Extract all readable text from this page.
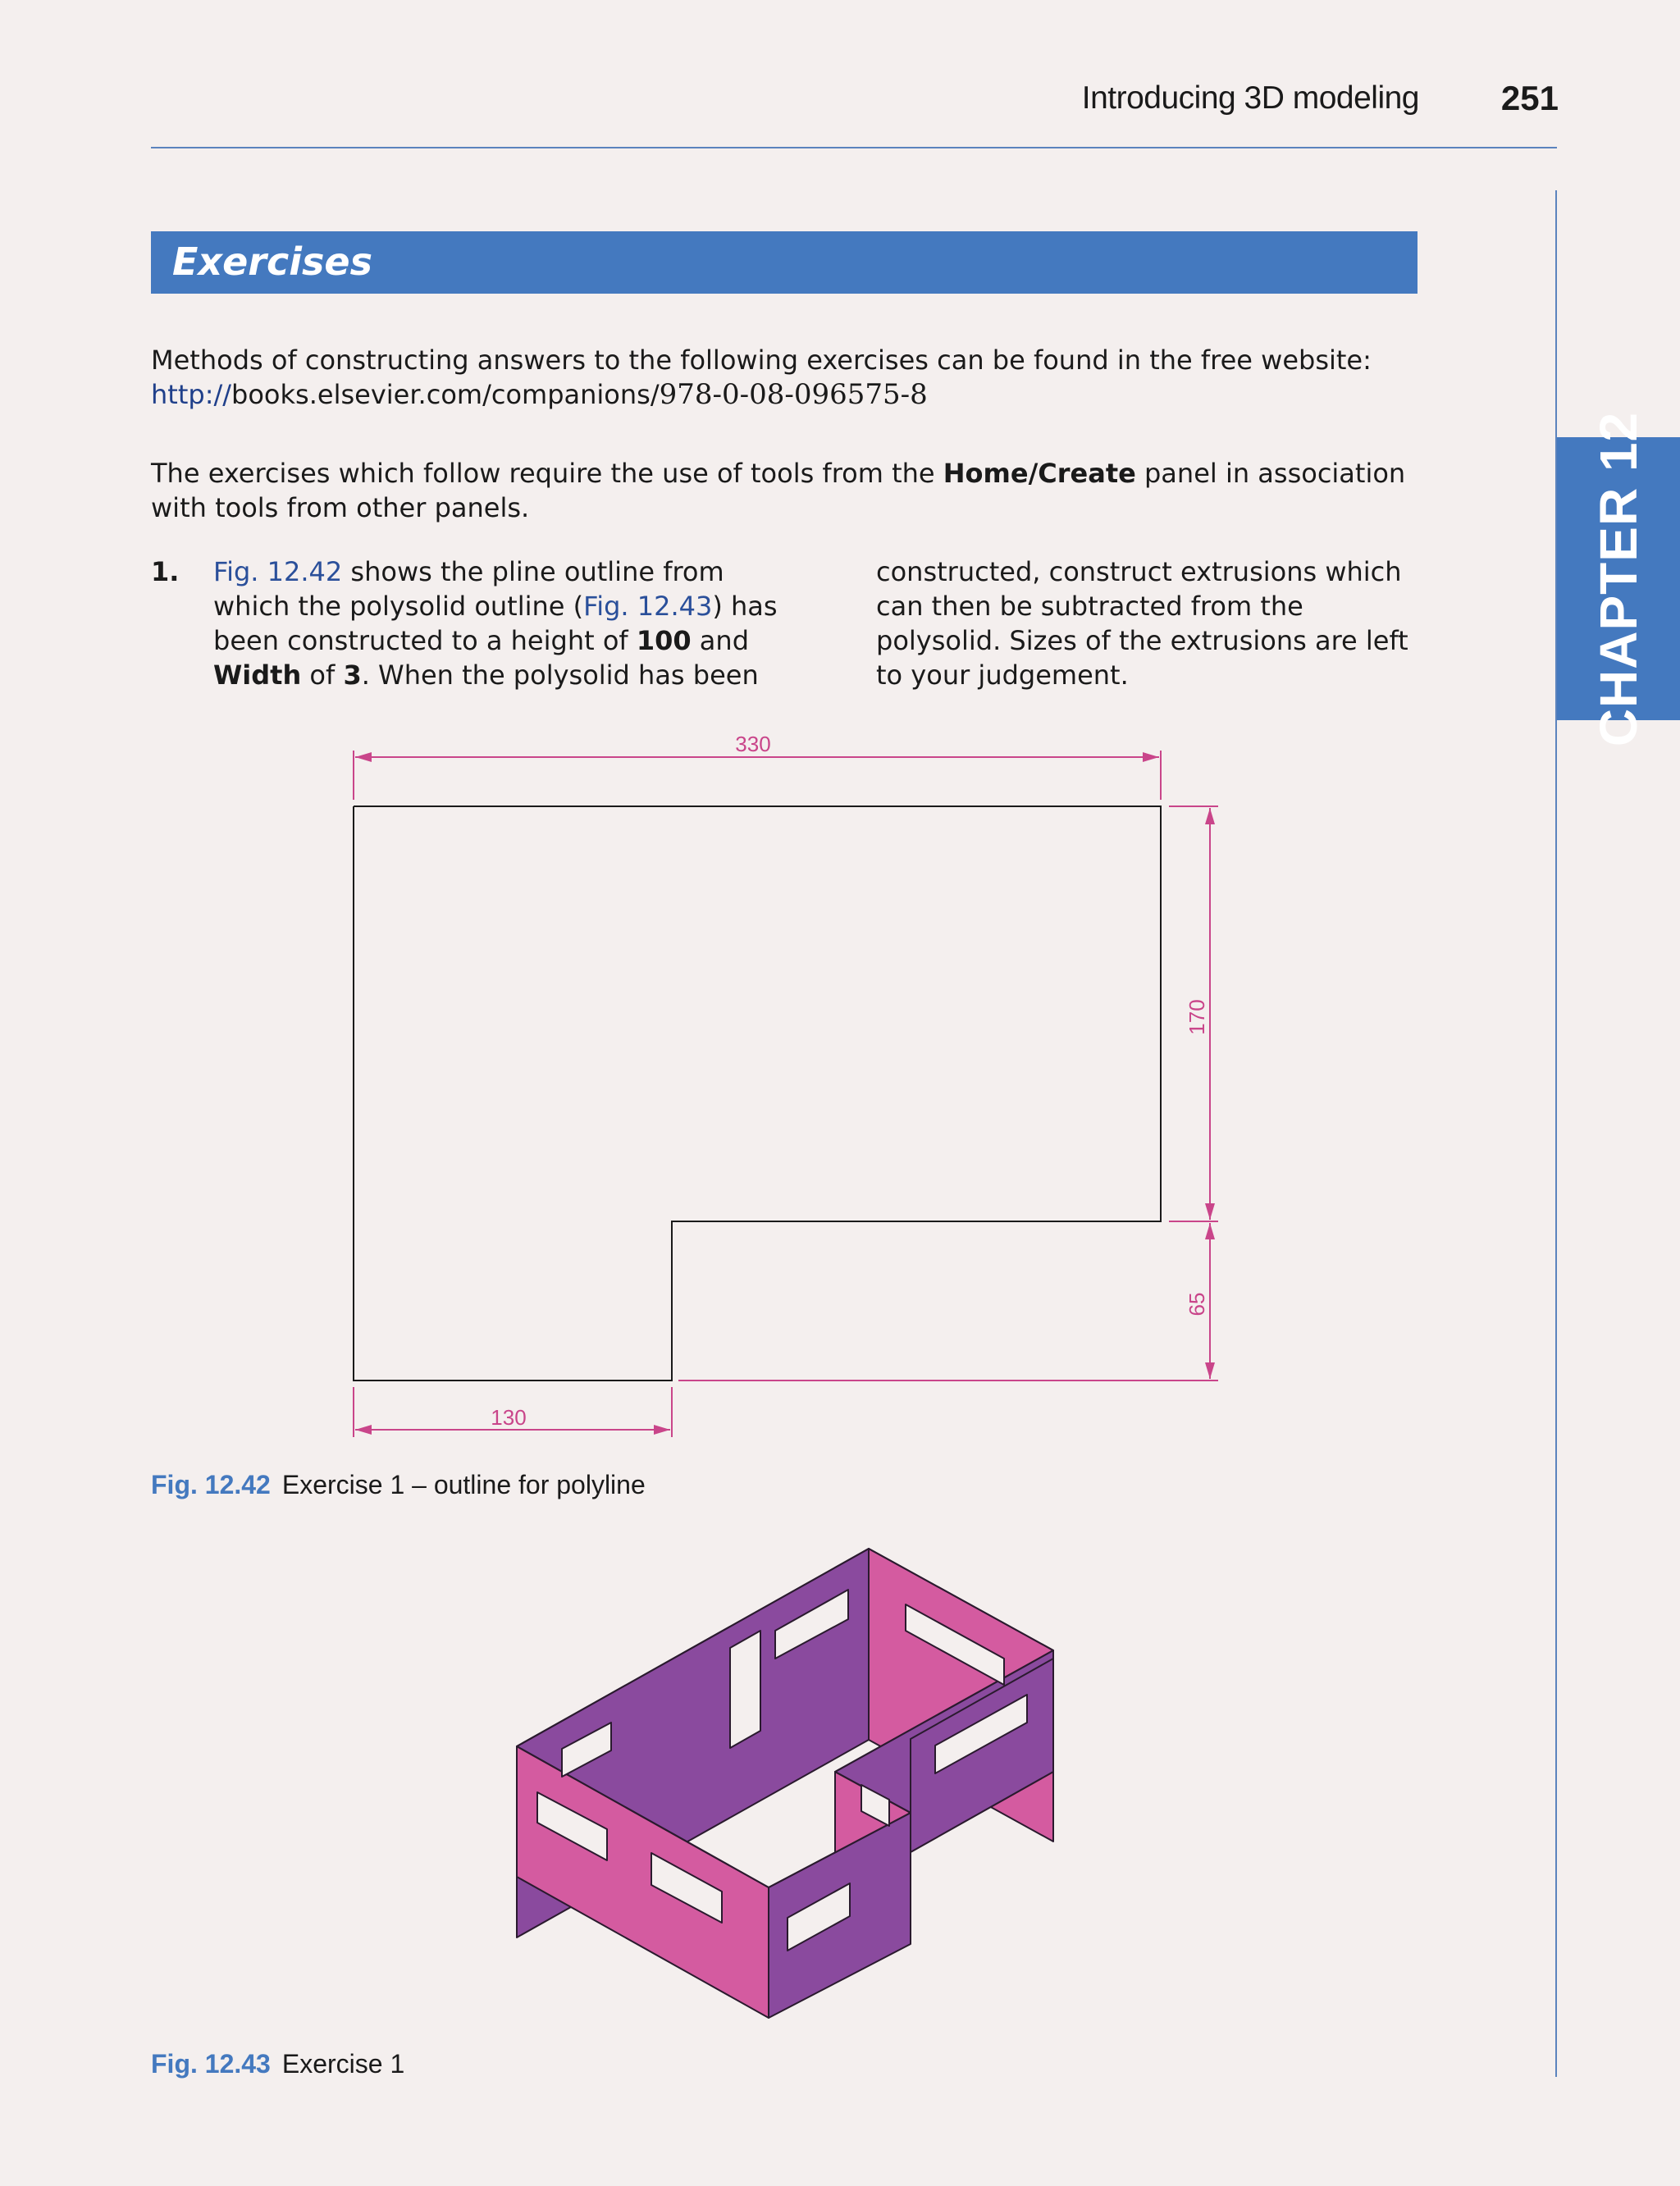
Introducing 3D modeling	251
CHAPTER 12
Exercises
Methods of constructing answers to the following exercises can be found in the free website:
http://books.elsevier.com/companions/978-0-08-096575-8
The exercises which follow require the use of tools from the Home/Create panel in association with tools from other panels.
1. Fig. 12.42 shows the pline outline from which the polysolid outline (Fig. 12.43) has been constructed to a height of 100 and Width of 3. When the polysolid has been
constructed, construct extrusions which can then be subtracted from the polysolid. Sizes of the extrusions are left to your judgement.
330
170
65
130
Fig. 12.42 Exercise 1 – outline for polyline
Fig. 12.43 Exercise 1
